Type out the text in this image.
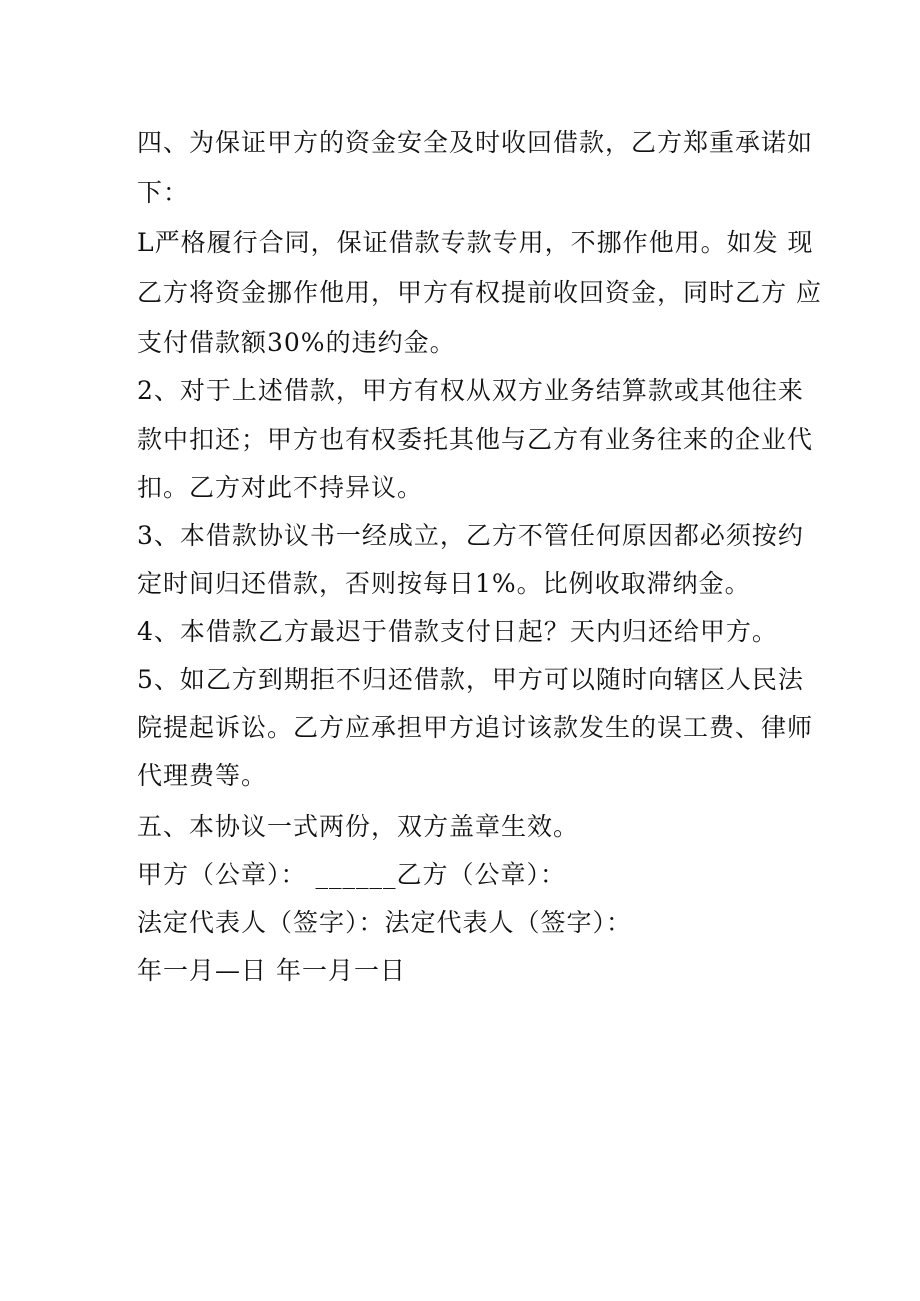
四、为保证甲方的资金安全及时收回借款，乙方郑重承诺如
下：
L严格履行合同，保证借款专款专用，不挪作他用。如发 现
乙方将资金挪作他用，甲方有权提前收回资金，同时乙方 应
支付借款额30%的违约金。
2、对于上述借款，甲方有权从双方业务结算款或其他往来
款中扣还；甲方也有权委托其他与乙方有业务往来的企业代
扣。乙方对此不持异议。
3、本借款协议书一经成立，乙方不管任何原因都必须按约
定时间归还借款，否则按每日1%。比例收取滞纳金。
4、本借款乙方最迟于借款支付日起？天内归还给甲方。
5、如乙方到期拒不归还借款，甲方可以随时向辖区人民法
院提起诉讼。乙方应承担甲方追讨该款发生的误工费、律师
代理费等。
五、本协议一式两份，双方盖章生效。
甲方（公章）： ______乙方（公章）：
法定代表人（签字）：法定代表人（签字）：
年一月—日 年一月一日
